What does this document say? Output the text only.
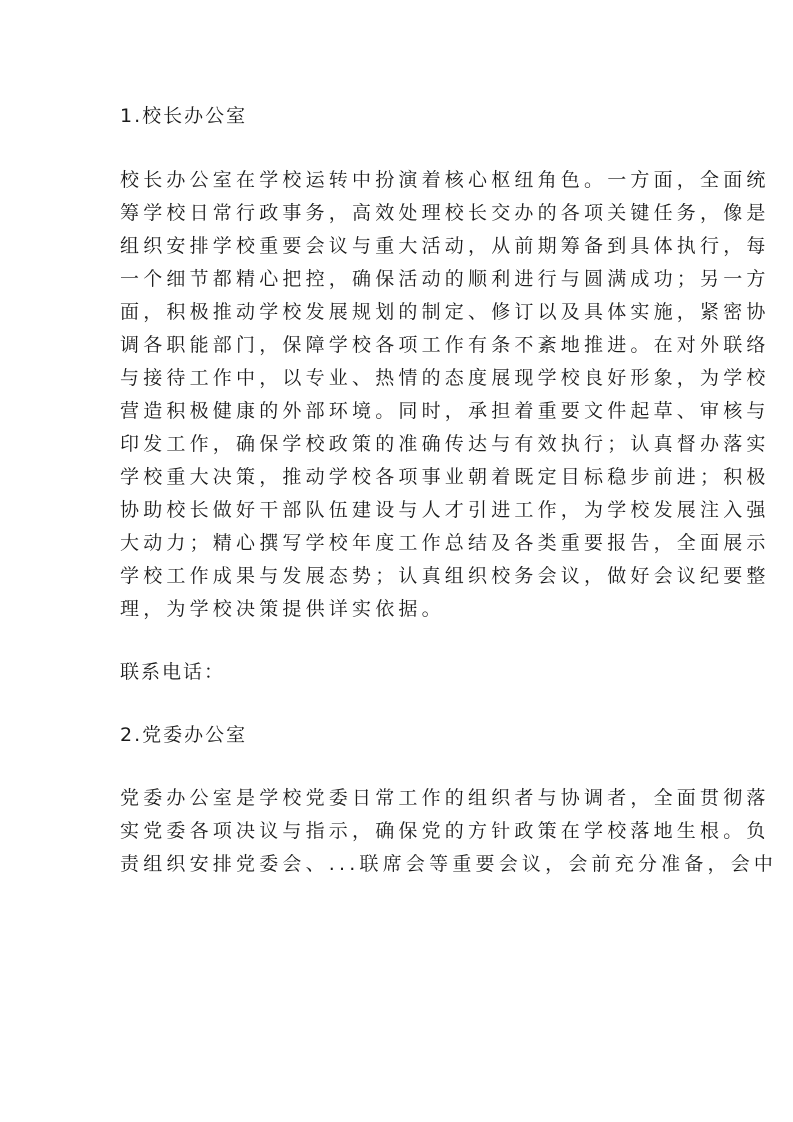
1.校长办公室
校长办公室在学校运转中扮演着核心枢纽角色。一方面，全面统
筹学校日常行政事务，高效处理校长交办的各项关键任务，像是
组织安排学校重要会议与重大活动，从前期筹备到具体执行，每
一个细节都精心把控，确保活动的顺利进行与圆满成功；另一方
面，积极推动学校发展规划的制定、修订以及具体实施，紧密协
调各职能部门，保障学校各项工作有条不紊地推进。在对外联络
与接待工作中，以专业、热情的态度展现学校良好形象，为学校
营造积极健康的外部环境。同时，承担着重要文件起草、审核与
印发工作，确保学校政策的准确传达与有效执行；认真督办落实
学校重大决策，推动学校各项事业朝着既定目标稳步前进；积极
协助校长做好干部队伍建设与人才引进工作，为学校发展注入强
大动力；精心撰写学校年度工作总结及各类重要报告，全面展示
学校工作成果与发展态势；认真组织校务会议，做好会议纪要整
理，为学校决策提供详实依据。
联系电话：
2.党委办公室
党委办公室是学校党委日常工作的组织者与协调者，全面贯彻落
实党委各项决议与指示，确保党的方针政策在学校落地生根。负
责组织安排党委会、...联席会等重要会议，会前充分准备，会中
